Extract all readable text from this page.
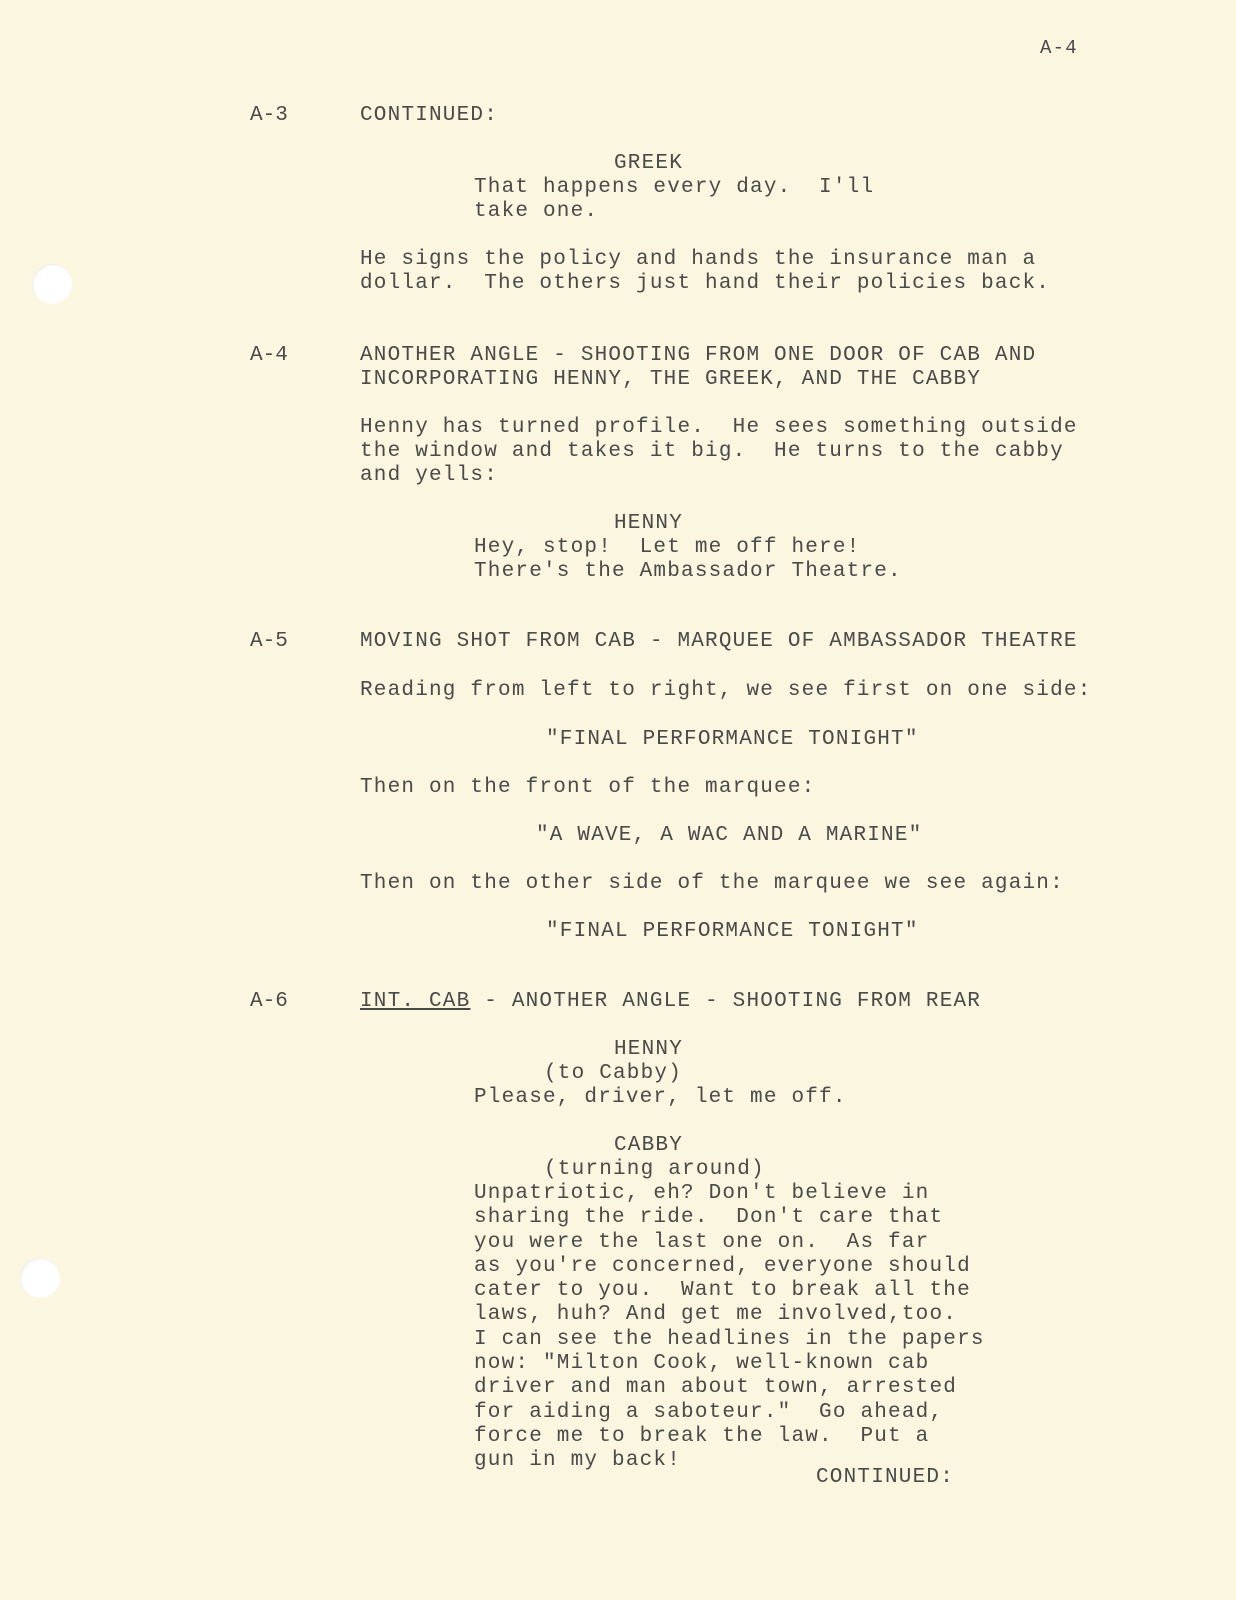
A-4
A-3	CONTINUED:
GREEK
That happens every day.  I'll
take one.
He signs the policy and hands the insurance man a
dollar.  The others just hand their policies back.
A-4	ANOTHER ANGLE - SHOOTING FROM ONE DOOR OF CAB AND
INCORPORATING HENNY, THE GREEK, AND THE CABBY
Henny has turned profile.  He sees something outside
the window and takes it big.  He turns to the cabby
and yells:
HENNY
Hey, stop!  Let me off here!
There's the Ambassador Theatre.
A-5	MOVING SHOT FROM CAB - MARQUEE OF AMBASSADOR THEATRE
Reading from left to right, we see first on one side:
"FINAL PERFORMANCE TONIGHT"
Then on the front of the marquee:
"A WAVE, A WAC AND A MARINE"
Then on the other side of the marquee we see again:
"FINAL PERFORMANCE TONIGHT"
A-6	INT. CAB - ANOTHER ANGLE - SHOOTING FROM REAR
HENNY
(to Cabby)
Please, driver, let me off.
CABBY
(turning around)
Unpatriotic, eh? Don't believe in
sharing the ride.  Don't care that
you were the last one on.  As far
as you're concerned, everyone should
cater to you.  Want to break all the
laws, huh? And get me involved,too.
I can see the headlines in the papers
now: "Milton Cook, well-known cab
driver and man about town, arrested
for aiding a saboteur."  Go ahead,
force me to break the law.  Put a
gun in my back!
CONTINUED:
